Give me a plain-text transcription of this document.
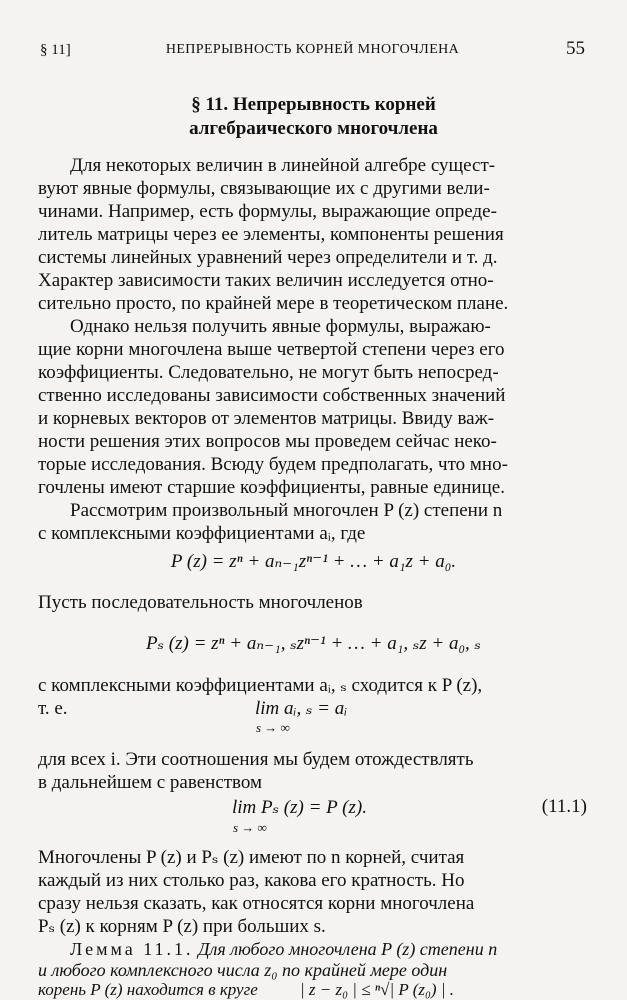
§ 11]	НЕПРЕРЫВНОСТЬ КОРНЕЙ МНОГОЧЛЕНА	55
§ 11. Непрерывность корней
алгебраического многочлена
Для некоторых величин в линейной алгебре сущест-
вуют явные формулы, связывающие их с другими вели-
чинами. Например, есть формулы, выражающие опреде-
литель матрицы через ее элементы, компоненты решения
системы линейных уравнений через определители и т. д.
Характер зависимости таких величин исследуется отно-
сительно просто, по крайней мере в теоретическом плане.
Однако нельзя получить явные формулы, выражаю-
щие корни многочлена выше четвертой степени через его
коэффициенты. Следовательно, не могут быть непосред-
ственно исследованы зависимости собственных значений
и корневых векторов от элементов матрицы. Ввиду важ-
ности решения этих вопросов мы проведем сейчас неко-
торые исследования. Всюду будем предполагать, что мно-
гочлены имеют старшие коэффициенты, равные единице.
Рассмотрим произвольный многочлен P (z) степени n
с комплексными коэффициентами aᵢ, где
P (z) = zⁿ + aₙ₋₁zⁿ⁻¹ + … + a₁z + a₀.
Пусть последовательность многочленов
Pₛ (z) = zⁿ + aₙ₋₁, ₛzⁿ⁻¹ + … + a₁, ₛz + a₀, ₛ
с комплексными коэффициентами aᵢ, ₛ сходится к P (z),
т. е.	lim aᵢ, ₛ = aᵢ
s → ∞
для всех i. Эти соотношения мы будем отождествлять
в дальнейшем с равенством
lim Pₛ (z) = P (z).
s → ∞
(11.1)
Многочлены P (z) и Pₛ (z) имеют по n корней, считая
каждый из них столько раз, какова его кратность. Но
сразу нельзя сказать, как относятся корни многочлена
Pₛ (z) к корням P (z) при больших s.
Лемма 11.1. Для любого многочлена P (z) степени n
и любого комплексного числа z₀ по крайней мере один
корень P (z) находится в круге | z − z₀ | ≤ ⁿ√| P (z₀) | .
